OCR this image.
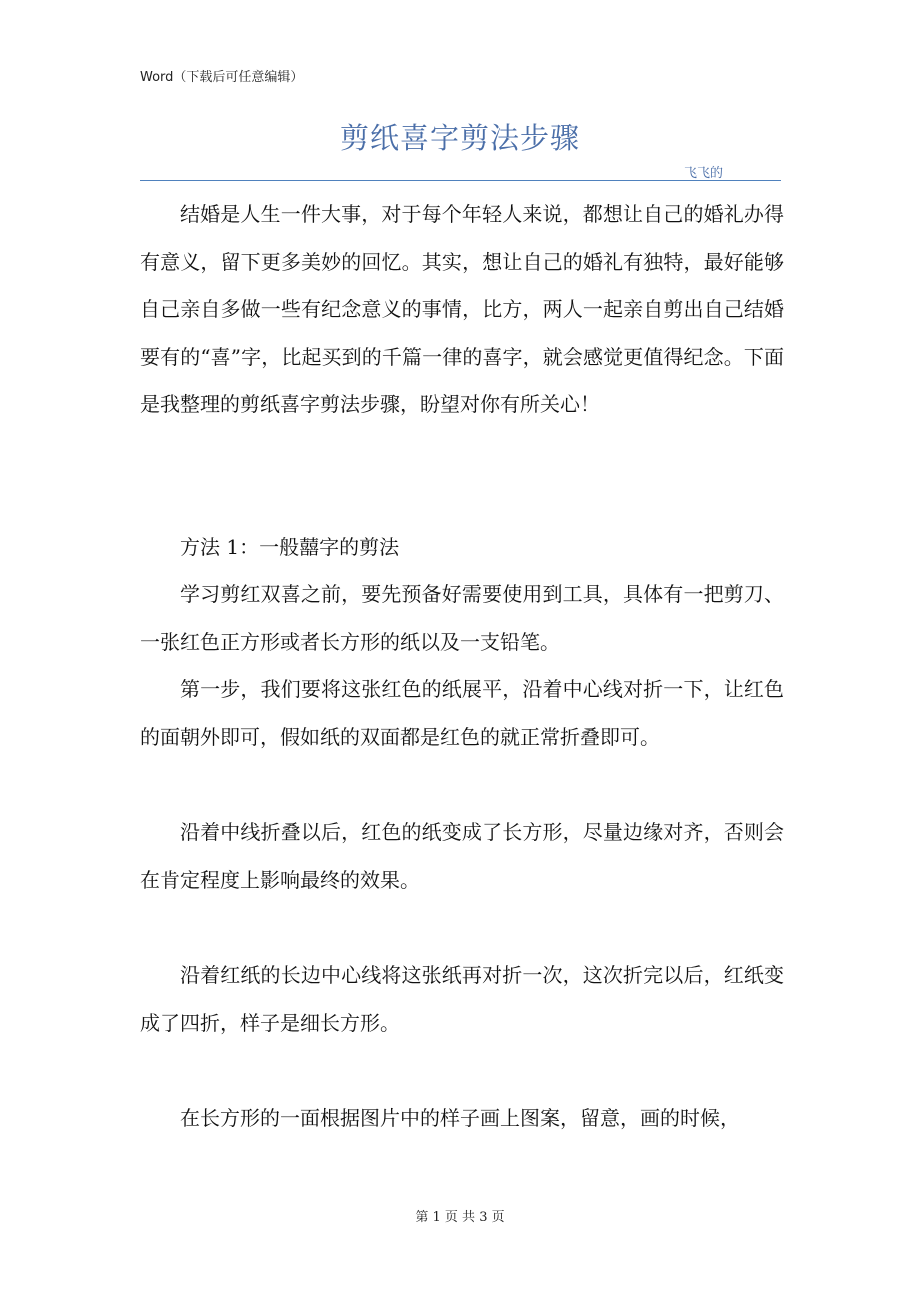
Word（下载后可任意编辑）
剪纸喜字剪法步骤
飞飞的

结婚是人生一件大事，对于每个年轻人来说，都想让自己的婚礼办得有意义，留下更多美妙的回忆。其实，想让自己的婚礼有独特，最好能够自己亲自多做一些有纪念意义的事情，比方，两人一起亲自剪出自己结婚要有的“喜”字，比起买到的千篇一律的喜字，就会感觉更值得纪念。下面是我整理的剪纸喜字剪法步骤，盼望对你有所关心！

方法 1：一般囍字的剪法

学习剪红双喜之前，要先预备好需要使用到工具，具体有一把剪刀、一张红色正方形或者长方形的纸以及一支铅笔。

第一步，我们要将这张红色的纸展平，沿着中心线对折一下，让红色的面朝外即可，假如纸的双面都是红色的就正常折叠即可。

沿着中线折叠以后，红色的纸变成了长方形，尽量边缘对齐，否则会在肯定程度上影响最终的效果。

沿着红纸的长边中心线将这张纸再对折一次，这次折完以后，红纸变成了四折，样子是细长方形。

在长方形的一面根据图片中的样子画上图案，留意，画的时候，

第 1 页 共 3 页
